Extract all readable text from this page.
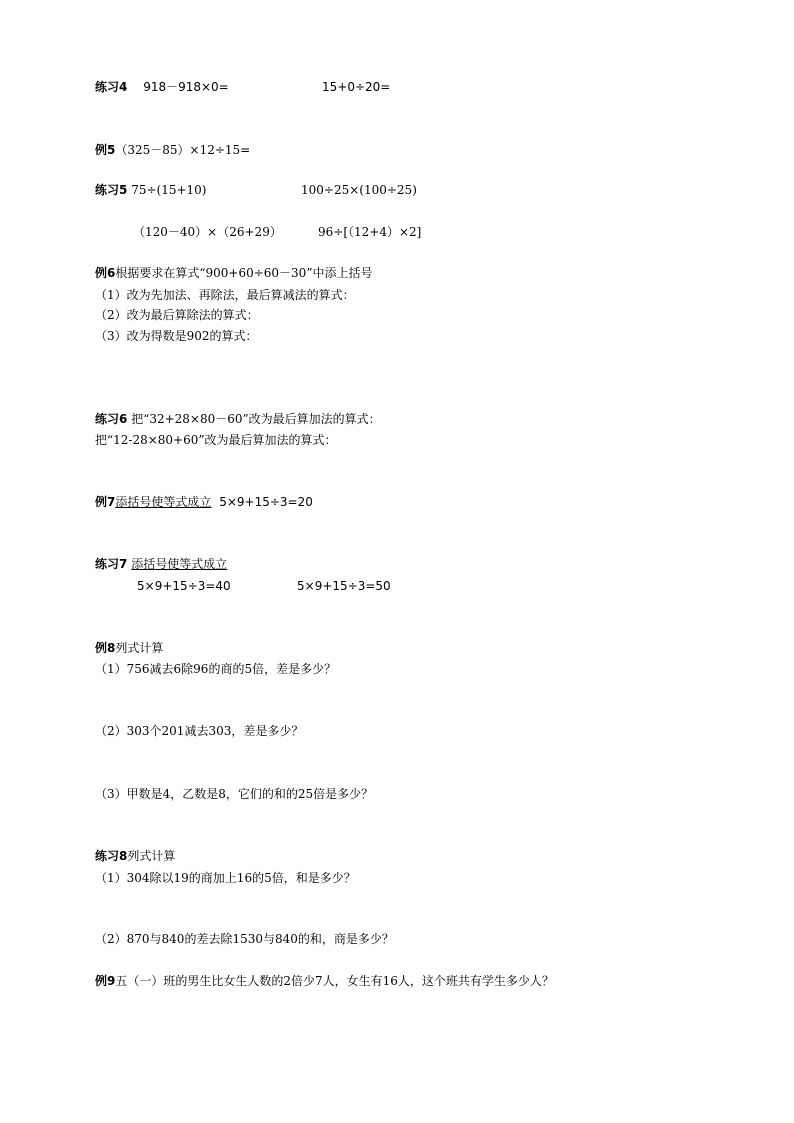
练习4 918－918×0=	15+0÷20=
例5（325－85）×12÷15=
练习5 75÷(15+10)	100÷25×(100÷25)
（120－40）×（26+29）	96÷[（12+4）×2]
例6根据要求在算式“900+60÷60－30”中添上括号
（1）改为先加法、再除法，最后算减法的算式：
（2）改为最后算除法的算式：
（3）改为得数是902的算式：
练习6 把“32+28×80－60”改为最后算加法的算式：
把“12-28×80+60”改为最后算加法的算式：
例7添括号使等式成立 5×9+15÷3=20
练习7 添括号使等式成立
5×9+15÷3=40	5×9+15÷3=50
例8列式计算
（1）756减去6除96的商的5倍，差是多少？
（2）303个201减去303，差是多少？
（3）甲数是4，乙数是8，它们的和的25倍是多少？
练习8列式计算
（1）304除以19的商加上16的5倍，和是多少？
（2）870与840的差去除1530与840的和，商是多少？
例9五（一）班的男生比女生人数的2倍少7人，女生有16人，这个班共有学生多少人？
